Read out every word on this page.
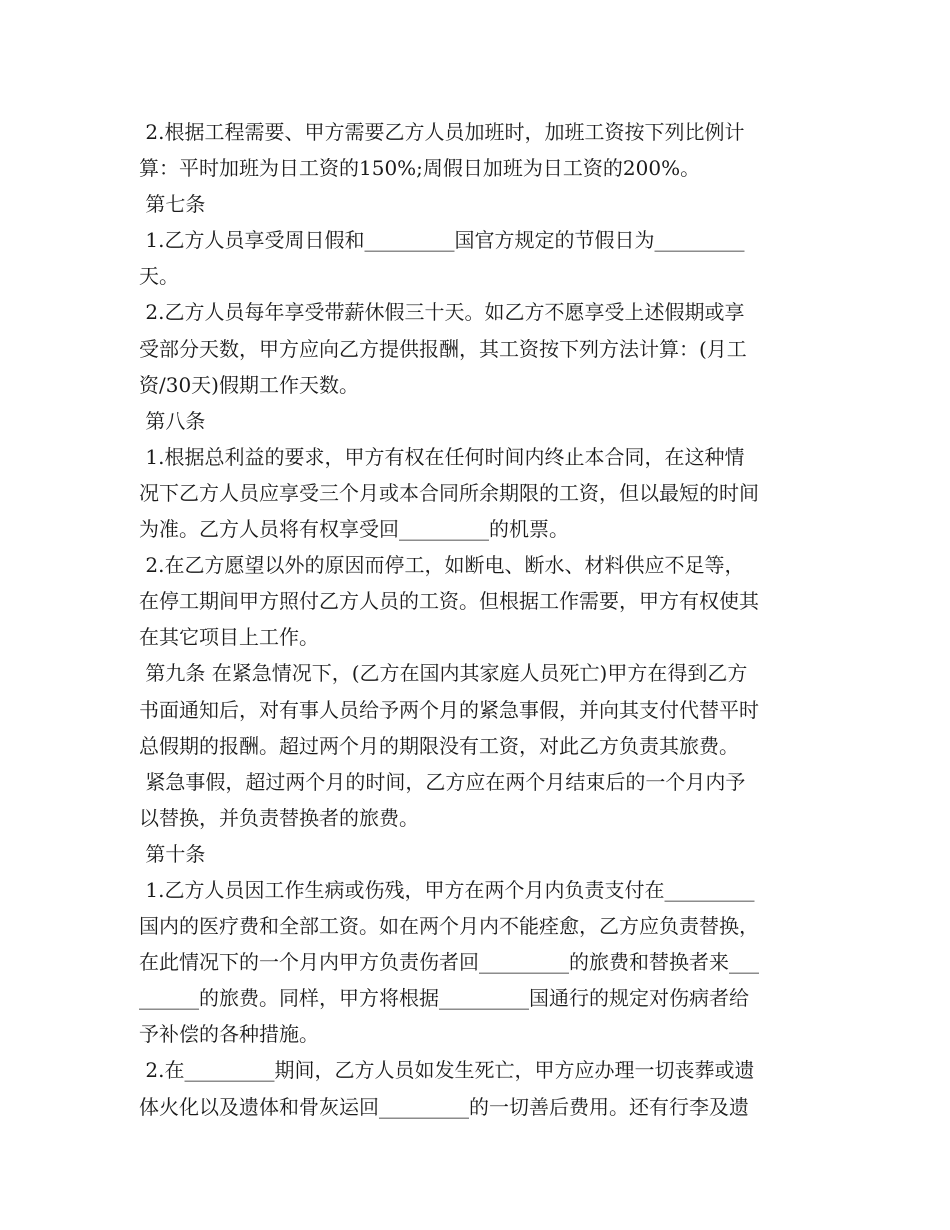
2.根据工程需要、甲方需要乙方人员加班时，加班工资按下列比例计
算：平时加班为日工资的150%;周假日加班为日工资的200%。
第七条
1.乙方人员享受周日假和_________国官方规定的节假日为_________
天。
2.乙方人员每年享受带薪休假三十天。如乙方不愿享受上述假期或享
受部分天数，甲方应向乙方提供报酬，其工资按下列方法计算：(月工
资/30天)假期工作天数。
第八条
1.根据总利益的要求，甲方有权在任何时间内终止本合同，在这种情
况下乙方人员应享受三个月或本合同所余期限的工资，但以最短的时间
为准。乙方人员将有权享受回_________的机票。
2.在乙方愿望以外的原因而停工，如断电、断水、材料供应不足等，
在停工期间甲方照付乙方人员的工资。但根据工作需要，甲方有权使其
在其它项目上工作。
第九条 在紧急情况下，(乙方在国内其家庭人员死亡)甲方在得到乙方
书面通知后，对有事人员给予两个月的紧急事假，并向其支付代替平时
总假期的报酬。超过两个月的期限没有工资，对此乙方负责其旅费。
紧急事假，超过两个月的时间，乙方应在两个月结束后的一个月内予
以替换，并负责替换者的旅费。
第十条
1.乙方人员因工作生病或伤残，甲方在两个月内负责支付在_________
国内的医疗费和全部工资。如在两个月内不能痊愈，乙方应负责替换，
在此情况下的一个月内甲方负责伤者回_________的旅费和替换者来___
______的旅费。同样，甲方将根据_________国通行的规定对伤病者给
予补偿的各种措施。
2.在_________期间，乙方人员如发生死亡，甲方应办理一切丧葬或遗
体火化以及遗体和骨灰运回_________的一切善后费用。还有行李及遗
